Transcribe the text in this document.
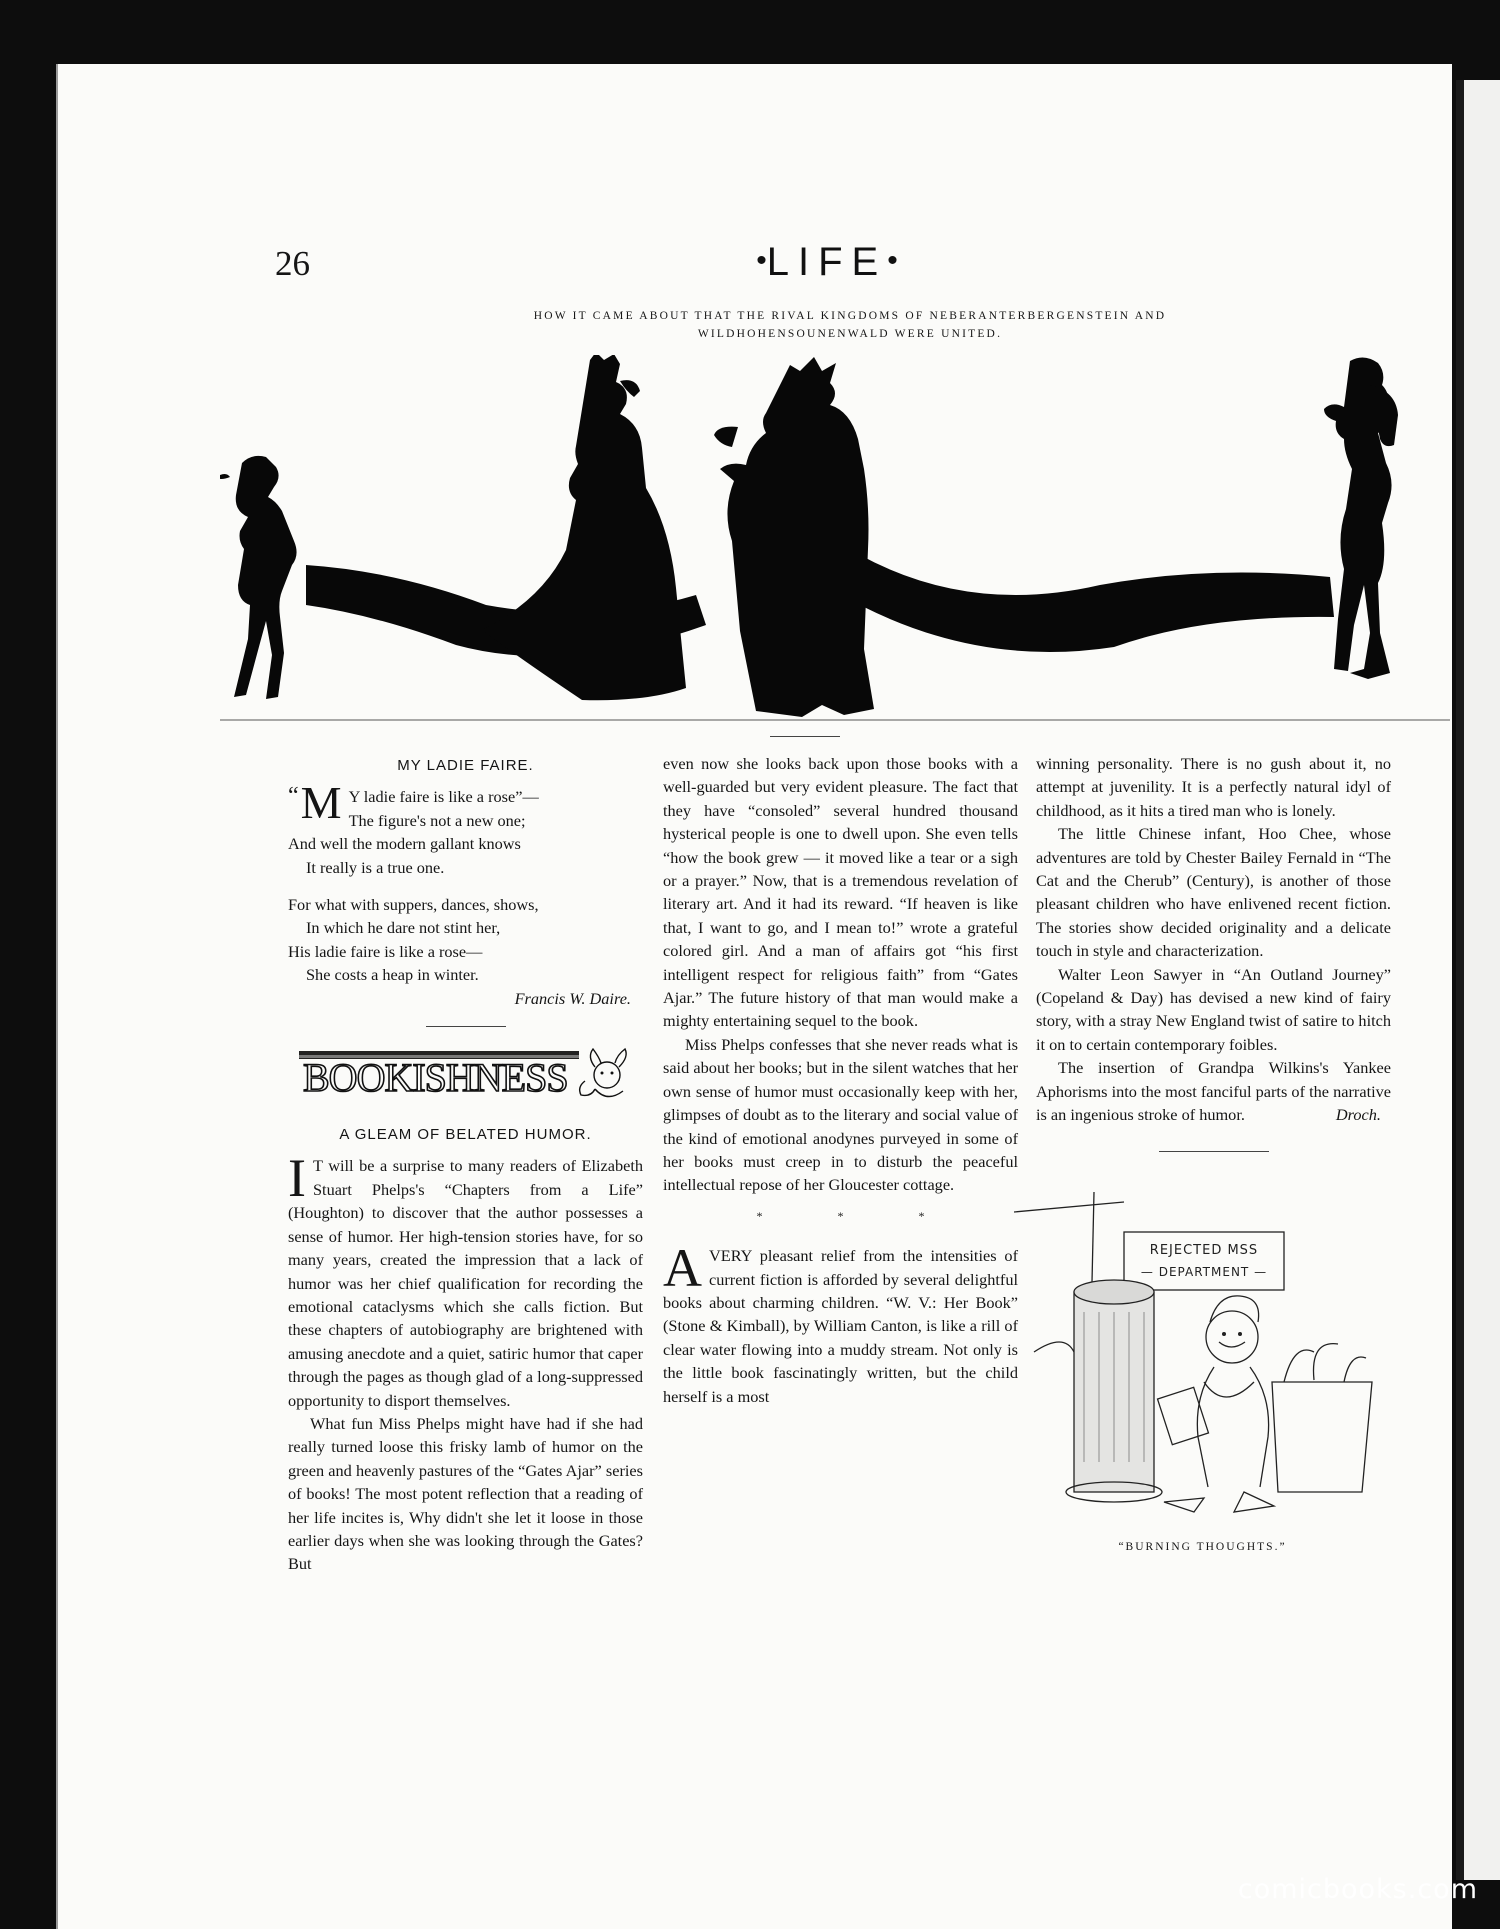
26	•LIFE•
HOW IT CAME ABOUT THAT THE RIVAL KINGDOMS OF NEBERANTERBERGENSTEIN AND
WILDHOHENSOUNENWALD WERE UNITED.
MY LADIE FAIRE.
“ M Y ladie faire is like a rose”—
The figure's not a new one;
And well the modern gallant knows
It really is a true one.
For what with suppers, dances, shows,
In which he dare not stint her,
His ladie faire is like a rose—
She costs a heap in winter.
Francis W. Daire.
BOOKISHNESS
A GLEAM OF BELATED HUMOR.

I T will be a surprise to many readers of Elizabeth Stuart Phelps's “Chapters from a Life” (Houghton) to discover that the author possesses a sense of humor. Her high-tension stories have, for so many years, created the impression that a lack of humor was her chief qualification for recording the emotional cataclysms which she calls fiction. But these chapters of autobiography are brightened with amusing anecdote and a quiet, satiric humor that caper through the pages as though glad of a long-suppressed opportunity to disport themselves.

What fun Miss Phelps might have had if she had really turned loose this frisky lamb of humor on the green and heavenly pastures of the “Gates Ajar” series of books! The most potent reflection that a reading of her life incites is, Why didn't she let it loose in those earlier days when she was looking through the Gates? But

even now she looks back upon those books with a well-guarded but very evident pleasure. The fact that they have “consoled” several hundred thousand hysterical people is one to dwell upon. She even tells “how the book grew — it moved like a tear or a sigh or a prayer.” Now, that is a tremendous revelation of literary art. And it had its reward. “If heaven is like that, I want to go, and I mean to!” wrote a grateful colored girl. And a man of affairs got “his first intelligent respect for religious faith” from “Gates Ajar.” The future history of that man would make a mighty entertaining sequel to the book.

Miss Phelps confesses that she never reads what is said about her books; but in the silent watches that her own sense of humor must occasionally keep with her, glimpses of doubt as to the literary and social value of the kind of emotional anodynes purveyed in some of her books must creep in to disturb the peaceful intellectual repose of her Gloucester cottage.

* * *

AVERY pleasant relief from the intensities of current fiction is afforded by several delightful books about charming children. “W. V.: Her Book” (Stone & Kimball), by William Canton, is like a rill of clear water flowing into a muddy stream. Not only is the little book fascinatingly written, but the child herself is a most

winning personality. There is no gush about it, no attempt at juvenility. It is a perfectly natural idyl of childhood, as it hits a tired man who is lonely.

The little Chinese infant, Hoo Chee, whose adventures are told by Chester Bailey Fernald in “The Cat and the Cherub” (Century), is another of those pleasant children who have enlivened recent fiction. The stories show decided originality and a delicate touch in style and characterization.

Walter Leon Sawyer in “An Outland Journey” (Copeland & Day) has devised a new kind of fairy story, with a stray New England twist of satire to hitch it on to certain contemporary foibles.

The insertion of Grandpa Wilkins's Yankee Aphorisms into the most fanciful parts of the narrative is an ingenious stroke of humor.	Droch.

REJECTED MSS
— DEPARTMENT —
“BURNING THOUGHTS.”
comicbooks.com
